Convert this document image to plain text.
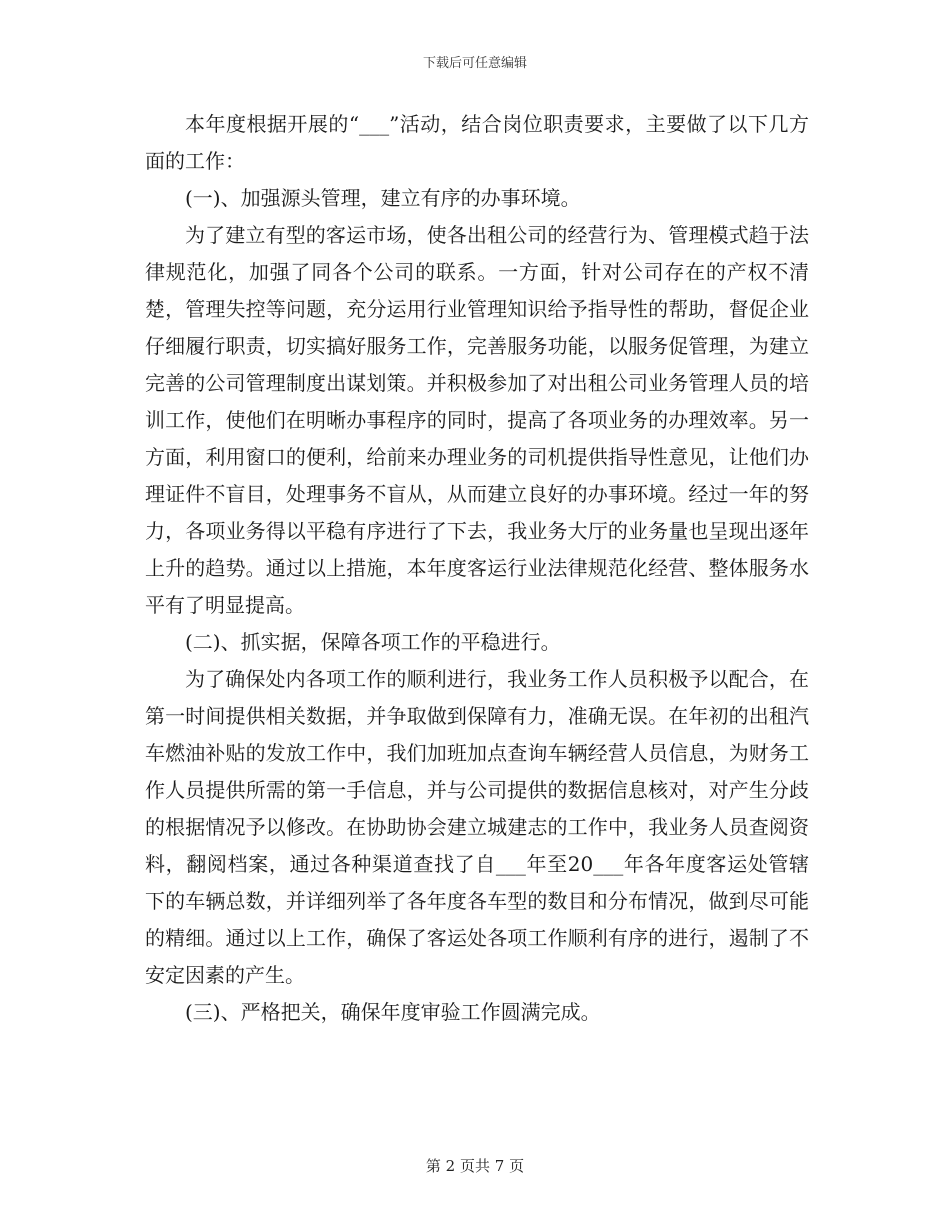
下载后可任意编辑

本年度根据开展的“___”活动，结合岗位职责要求，主要做了以下几方面的工作：

(一)、加强源头管理，建立有序的办事环境。

为了建立有型的客运市场，使各出租公司的经营行为、管理模式趋于法律规范化，加强了同各个公司的联系。一方面，针对公司存在的产权不清楚，管理失控等问题，充分运用行业管理知识给予指导性的帮助，督促企业仔细履行职责，切实搞好服务工作，完善服务功能，以服务促管理，为建立完善的公司管理制度出谋划策。并积极参加了对出租公司业务管理人员的培训工作，使他们在明晰办事程序的同时，提高了各项业务的办理效率。另一方面，利用窗口的便利，给前来办理业务的司机提供指导性意见，让他们办理证件不盲目，处理事务不盲从，从而建立良好的办事环境。经过一年的努力，各项业务得以平稳有序进行了下去，我业务大厅的业务量也呈现出逐年上升的趋势。通过以上措施，本年度客运行业法律规范化经营、整体服务水平有了明显提高。

(二)、抓实据，保障各项工作的平稳进行。

为了确保处内各项工作的顺利进行，我业务工作人员积极予以配合，在第一时间提供相关数据，并争取做到保障有力，准确无误。在年初的出租汽车燃油补贴的发放工作中，我们加班加点查询车辆经营人员信息，为财务工作人员提供所需的第一手信息，并与公司提供的数据信息核对，对产生分歧的根据情况予以修改。在协助协会建立城建志的工作中，我业务人员查阅资料，翻阅档案，通过各种渠道查找了自___年至20___年各年度客运处管辖下的车辆总数，并详细列举了各年度各车型的数目和分布情况，做到尽可能的精细。通过以上工作，确保了客运处各项工作顺利有序的进行，遏制了不安定因素的产生。

(三)、严格把关，确保年度审验工作圆满完成。

第 2 页共 7 页
